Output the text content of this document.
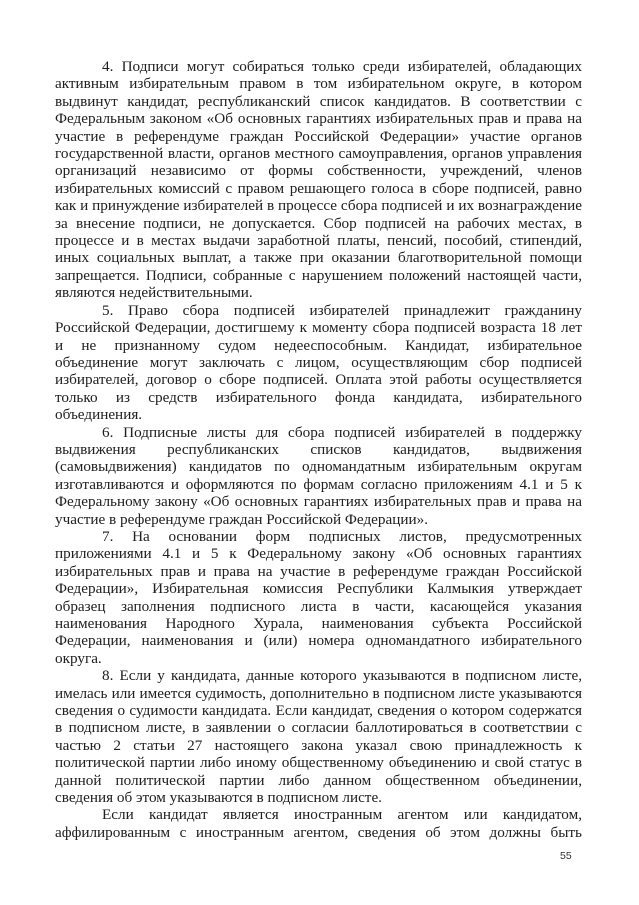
4. Подписи могут собираться только среди избирателей, обладающих активным избирательным правом в том избирательном округе, в котором выдвинут кандидат, республиканский список кандидатов. В соответствии с Федеральным законом «Об основных гарантиях избирательных прав и права на участие в референдуме граждан Российской Федерации» участие органов государственной власти, органов местного самоуправления, органов управления организаций независимо от формы собственности, учреждений, членов избирательных комиссий с правом решающего голоса в сборе подписей, равно как и принуждение избирателей в процессе сбора подписей и их вознаграждение за внесение подписи, не допускается. Сбор подписей на рабочих местах, в процессе и в местах выдачи заработной платы, пенсий, пособий, стипендий, иных социальных выплат, а также при оказании благотворительной помощи запрещается. Подписи, собранные с нарушением положений настоящей части, являются недействительными.

5. Право сбора подписей избирателей принадлежит гражданину Российской Федерации, достигшему к моменту сбора подписей возраста 18 лет и не признанному судом недееспособным. Кандидат, избирательное объединение могут заключать с лицом, осуществляющим сбор подписей избирателей, договор о сборе подписей. Оплата этой работы осуществляется только из средств избирательного фонда кандидата, избирательного объединения.

6. Подписные листы для сбора подписей избирателей в поддержку выдвижения республиканских списков кандидатов, выдвижения (самовыдвижения) кандидатов по одномандатным избирательным округам изготавливаются и оформляются по формам согласно приложениям 4.1 и 5 к Федеральному закону «Об основных гарантиях избирательных прав и права на участие в референдуме граждан Российской Федерации».

7. На основании форм подписных листов, предусмотренных приложениями 4.1 и 5 к Федеральному закону «Об основных гарантиях избирательных прав и права на участие в референдуме граждан Российской Федерации», Избирательная комиссия Республики Калмыкия утверждает образец заполнения подписного листа в части, касающейся указания наименования Народного Хурала, наименования субъекта Российской Федерации, наименования и (или) номера одномандатного избирательного округа.

8. Если у кандидата, данные которого указываются в подписном листе, имелась или имеется судимость, дополнительно в подписном листе указываются сведения о судимости кандидата. Если кандидат, сведения о котором содержатся в подписном листе, в заявлении о согласии баллотироваться в соответствии с частью 2 статьи 27 настоящего закона указал свою принадлежность к политической партии либо иному общественному объединению и свой статус в данной политической партии либо данном общественном объединении, сведения об этом указываются в подписном листе.

Если кандидат является иностранным агентом или кандидатом, аффилированным с иностранным агентом, сведения об этом должны быть

55
